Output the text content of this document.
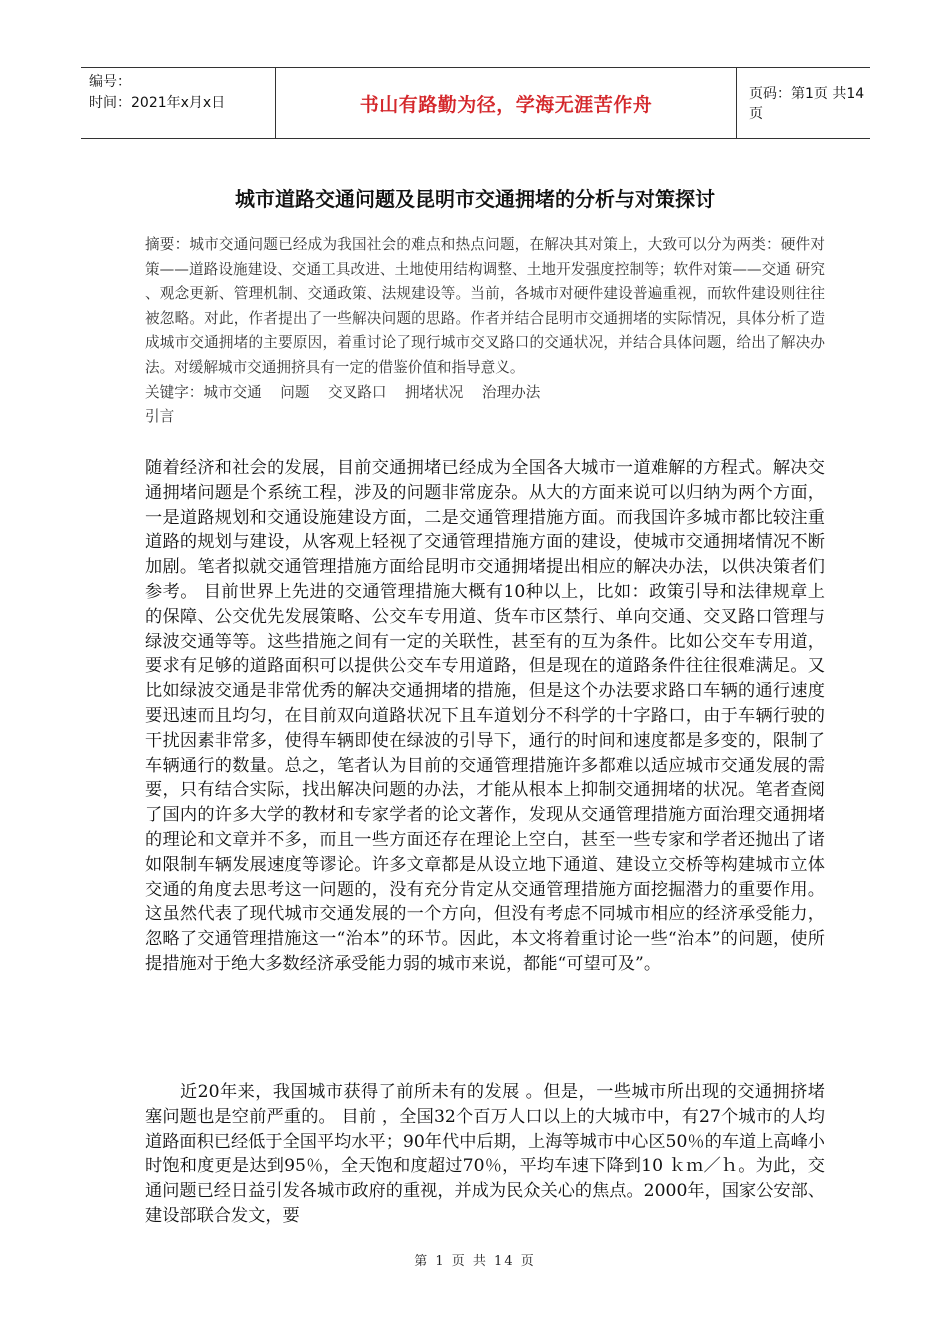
编号：
时间：2021年x月x日	书山有路勤为径，学海无涯苦作舟	页码：第1页 共14页
城市道路交通问题及昆明市交通拥堵的分析与对策探讨

摘要：城市交通问题已经成为我国社会的难点和热点问题，在解决其对策上，大致可以分为两类：硬件对策——道路设施建设、交通工具改进、土地使用结构调整、土地开发强度控制等；软件对策——交通 研究 、观念更新、管理机制、交通政策、法规建设等。当前，各城市对硬件建设普遍重视，而软件建设则往往被忽略。对此，作者提出了一些解决问题的思路。作者并结合昆明市交通拥堵的实际情况，具体分析了造成城市交通拥堵的主要原因，着重讨论了现行城市交叉路口的交通状况，并结合具体问题，给出了解决办法。对缓解城市交通拥挤具有一定的借鉴价值和指导意义。

关键字：城市交通    问题    交叉路口    拥堵状况    治理办法

引言

随着经济和社会的发展，目前交通拥堵已经成为全国各大城市一道难解的方程式。解决交通拥堵问题是个系统工程，涉及的问题非常庞杂。从大的方面来说可以归纳为两个方面，一是道路规划和交通设施建设方面，二是交通管理措施方面。而我国许多城市都比较注重道路的规划与建设，从客观上轻视了交通管理措施方面的建设，使城市交通拥堵情况不断加剧。笔者拟就交通管理措施方面给昆明市交通拥堵提出相应的解决办法，以供决策者们参考。 目前世界上先进的交通管理措施大概有10种以上，比如：政策引导和法律规章上的保障、公交优先发展策略、公交车专用道、货车市区禁行、单向交通、交叉路口管理与绿波交通等等。这些措施之间有一定的关联性，甚至有的互为条件。比如公交车专用道，要求有足够的道路面积可以提供公交车专用道路，但是现在的道路条件往往很难满足。又比如绿波交通是非常优秀的解决交通拥堵的措施，但是这个办法要求路口车辆的通行速度要迅速而且均匀，在目前双向道路状况下且车道划分不科学的十字路口，由于车辆行驶的干扰因素非常多，使得车辆即使在绿波的引导下，通行的时间和速度都是多变的，限制了车辆通行的数量。总之，笔者认为目前的交通管理措施许多都难以适应城市交通发展的需要，只有结合实际，找出解决问题的办法，才能从根本上抑制交通拥堵的状况。笔者查阅了国内的许多大学的教材和专家学者的论文著作，发现从交通管理措施方面治理交通拥堵的理论和文章并不多，而且一些方面还存在理论上空白，甚至一些专家和学者还抛出了诸如限制车辆发展速度等谬论。许多文章都是从设立地下通道、建设立交桥等构建城市立体交通的角度去思考这一问题的，没有充分肯定从交通管理措施方面挖掘潜力的重要作用。这虽然代表了现代城市交通发展的一个方向，但没有考虑不同城市相应的经济承受能力，忽略了交通管理措施这一“治本”的环节。因此，本文将着重讨论一些“治本”的问题，使所提措施对于绝大多数经济承受能力弱的城市来说，都能“可望可及”。

近20年来，我国城市获得了前所未有的发展 。但是，一些城市所出现的交通拥挤堵塞问题也是空前严重的。 目前 ，全国32个百万人口以上的大城市中，有27个城市的人均道路面积已经低于全国平均水平；90年代中后期，上海等城市中心区50％的车道上高峰小时饱和度更是达到95％，全天饱和度超过70％，平均车速下降到10 ｋｍ／ｈ。为此，交通问题已经日益引发各城市政府的重视，并成为民众关心的焦点。2000年，国家公安部、建设部联合发文，要

第 1 页 共 14 页
